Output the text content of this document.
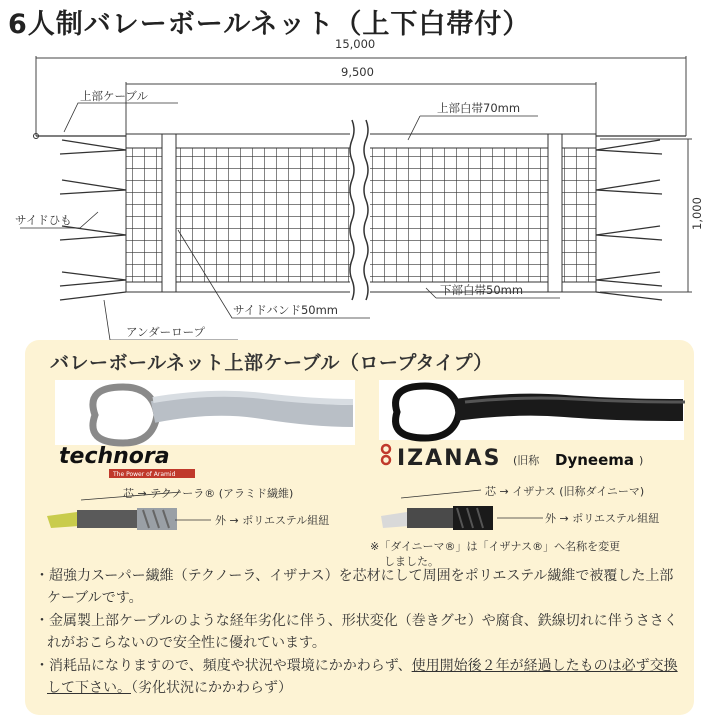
6人制バレーボールネット（上下白帯付）
15,000
9,500
1,000
上部ケーブル
上部白帯70mm
サイドひも
サイドバンド50mm
下部白帯50mm
アンダーロープ
バレーボールネット上部ケーブル（ロープタイプ）
technora
The Power of Aramid
芯 → テクノーラ® (アラミド繊維)
外 → ポリエステル組紐
IZANAS (旧称 Dyneema )
芯 → イザナス (旧称ダイニーマ)
外 → ポリエステル組紐
※「ダイニーマ®」は「イザナス®」へ名称を変更
しました。

・超強力スーパー繊維（テクノーラ、イザナス）を芯材にして周囲をポリエステル繊維で被覆した上部ケーブルです。

・金属製上部ケーブルのような経年劣化に伴う、形状変化（巻きグセ）や腐食、鉄線切れに伴うささくれがおこらないので安全性に優れています。

・消耗品になりますので、頻度や状況や環境にかかわらず、使用開始後２年が経過したものは必ず交換して下さい。（劣化状況にかかわらず）
